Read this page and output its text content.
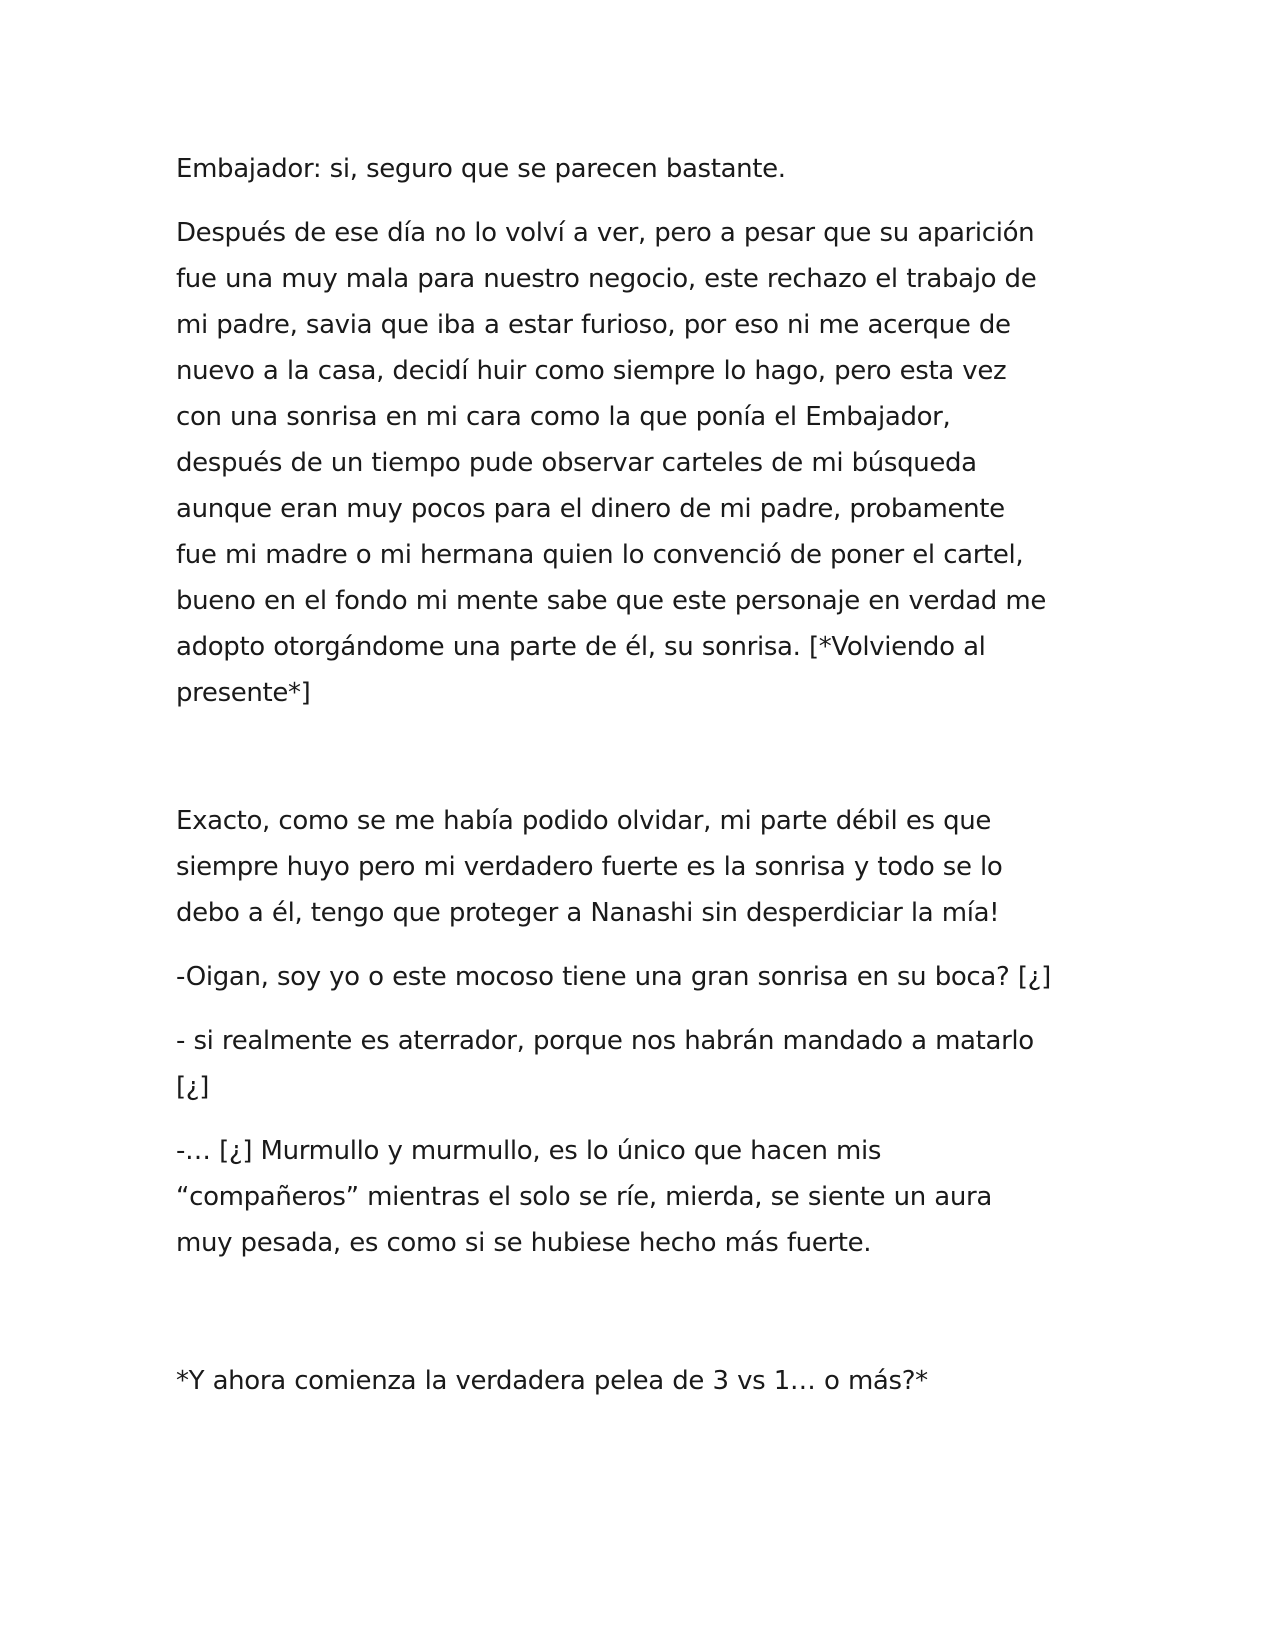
Embajador: si, seguro que se parecen bastante.

Después de ese día no lo volví a ver, pero a pesar que su aparición
fue una muy mala para nuestro negocio, este rechazo el trabajo de
mi padre, savia que iba a estar furioso, por eso ni me acerque de
nuevo a la casa, decidí huir como siempre lo hago, pero esta vez
con una sonrisa en mi cara como la que ponía el Embajador,
después de un tiempo pude observar carteles de mi búsqueda
aunque eran muy pocos para el dinero de mi padre, probamente
fue mi madre o mi hermana quien lo convenció de poner el cartel,
bueno en el fondo mi mente sabe que este personaje en verdad me
adopto otorgándome una parte de él, su sonrisa. [*Volviendo al
presente*]

Exacto, como se me había podido olvidar, mi parte débil es que
siempre huyo pero mi verdadero fuerte es la sonrisa y todo se lo
debo a él, tengo que proteger a Nanashi sin desperdiciar la mía!

-Oigan, soy yo o este mocoso tiene una gran sonrisa en su boca? [¿]

- si realmente es aterrador, porque nos habrán mandado a matarlo
[¿]

-… [¿] Murmullo y murmullo, es lo único que hacen mis
“compañeros” mientras el solo se ríe, mierda, se siente un aura
muy pesada, es como si se hubiese hecho más fuerte.

*Y ahora comienza la verdadera pelea de 3 vs 1… o más?*
